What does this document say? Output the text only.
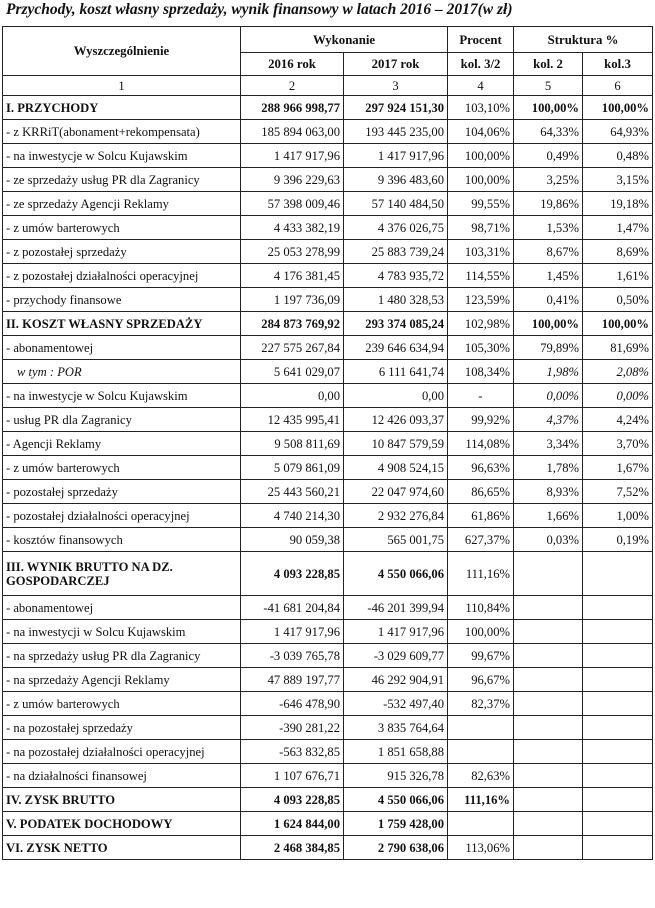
Przychody, koszt własny sprzedaży, wynik finansowy w latach 2016 – 2017(w zł)
Wyszczególnienie	Wykonanie		Procent	Struktura %	
	2016 rok	2017 rok	kol. 3/2	kol. 2	kol.3
1	2	3	4	5	6
I. PRZYCHODY	288 966 998,77	297 924 151,30	103,10%	100,00%	100,00%
- z KRRiT(abonament+rekompensata)	185 894 063,00	193 445 235,00	104,06%	64,33%	64,93%
- na inwestycje w Solcu Kujawskim	1 417 917,96	1 417 917,96	100,00%	0,49%	0,48%
- ze sprzedaży usług PR dla Zagranicy	9 396 229,63	9 396 483,60	100,00%	3,25%	3,15%
- ze sprzedaży Agencji Reklamy	57 398 009,46	57 140 484,50	99,55%	19,86%	19,18%
- z umów barterowych	4 433 382,19	4 376 026,75	98,71%	1,53%	1,47%
- z pozostałej sprzedaży	25 053 278,99	25 883 739,24	103,31%	8,67%	8,69%
- z pozostałej działalności operacyjnej	4 176 381,45	4 783 935,72	114,55%	1,45%	1,61%
- przychody finansowe	1 197 736,09	1 480 328,53	123,59%	0,41%	0,50%
II. KOSZT WŁASNY SPRZEDAŻY	284 873 769,92	293 374 085,24	102,98%	100,00%	100,00%
- abonamentowej	227 575 267,84	239 646 634,94	105,30%	79,89%	81,69%
w tym : POR	5 641 029,07	6 111 641,74	108,34%	1,98%	2,08%
- na inwestycje w Solcu Kujawskim	0,00	0,00	-	0,00%	0,00%
- usług PR dla Zagranicy	12 435 995,41	12 426 093,37	99,92%	4,37%	4,24%
- Agencji Reklamy	9 508 811,69	10 847 579,59	114,08%	3,34%	3,70%
- z umów barterowych	5 079 861,09	4 908 524,15	96,63%	1,78%	1,67%
- pozostałej sprzedaży	25 443 560,21	22 047 974,60	86,65%	8,93%	7,52%
- pozostałej działalności operacyjnej	4 740 214,30	2 932 276,84	61,86%	1,66%	1,00%
- kosztów finansowych	90 059,38	565 001,75	627,37%	0,03%	0,19%
III. WYNIK BRUTTO NA DZ. GOSPODARCZEJ	4 093 228,85	4 550 066,06	111,16%		
- abonamentowej	-41 681 204,84	-46 201 399,94	110,84%		
- na inwestycji w Solcu Kujawskim	1 417 917,96	1 417 917,96	100,00%		
- na sprzedaży usług PR dla Zagranicy	-3 039 765,78	-3 029 609,77	99,67%		
- na sprzedaży Agencji Reklamy	47 889 197,77	46 292 904,91	96,67%		
- z umów barterowych	-646 478,90	-532 497,40	82,37%		
- na pozostałej sprzedaży	-390 281,22	3 835 764,64			
- na pozostałej działalności operacyjnej	-563 832,85	1 851 658,88			
- na działalności finansowej	1 107 676,71	915 326,78	82,63%		
IV. ZYSK BRUTTO	4 093 228,85	4 550 066,06	111,16%		
V. PODATEK DOCHODOWY	1 624 844,00	1 759 428,00			
VI. ZYSK NETTO	2 468 384,85	2 790 638,06	113,06%		
